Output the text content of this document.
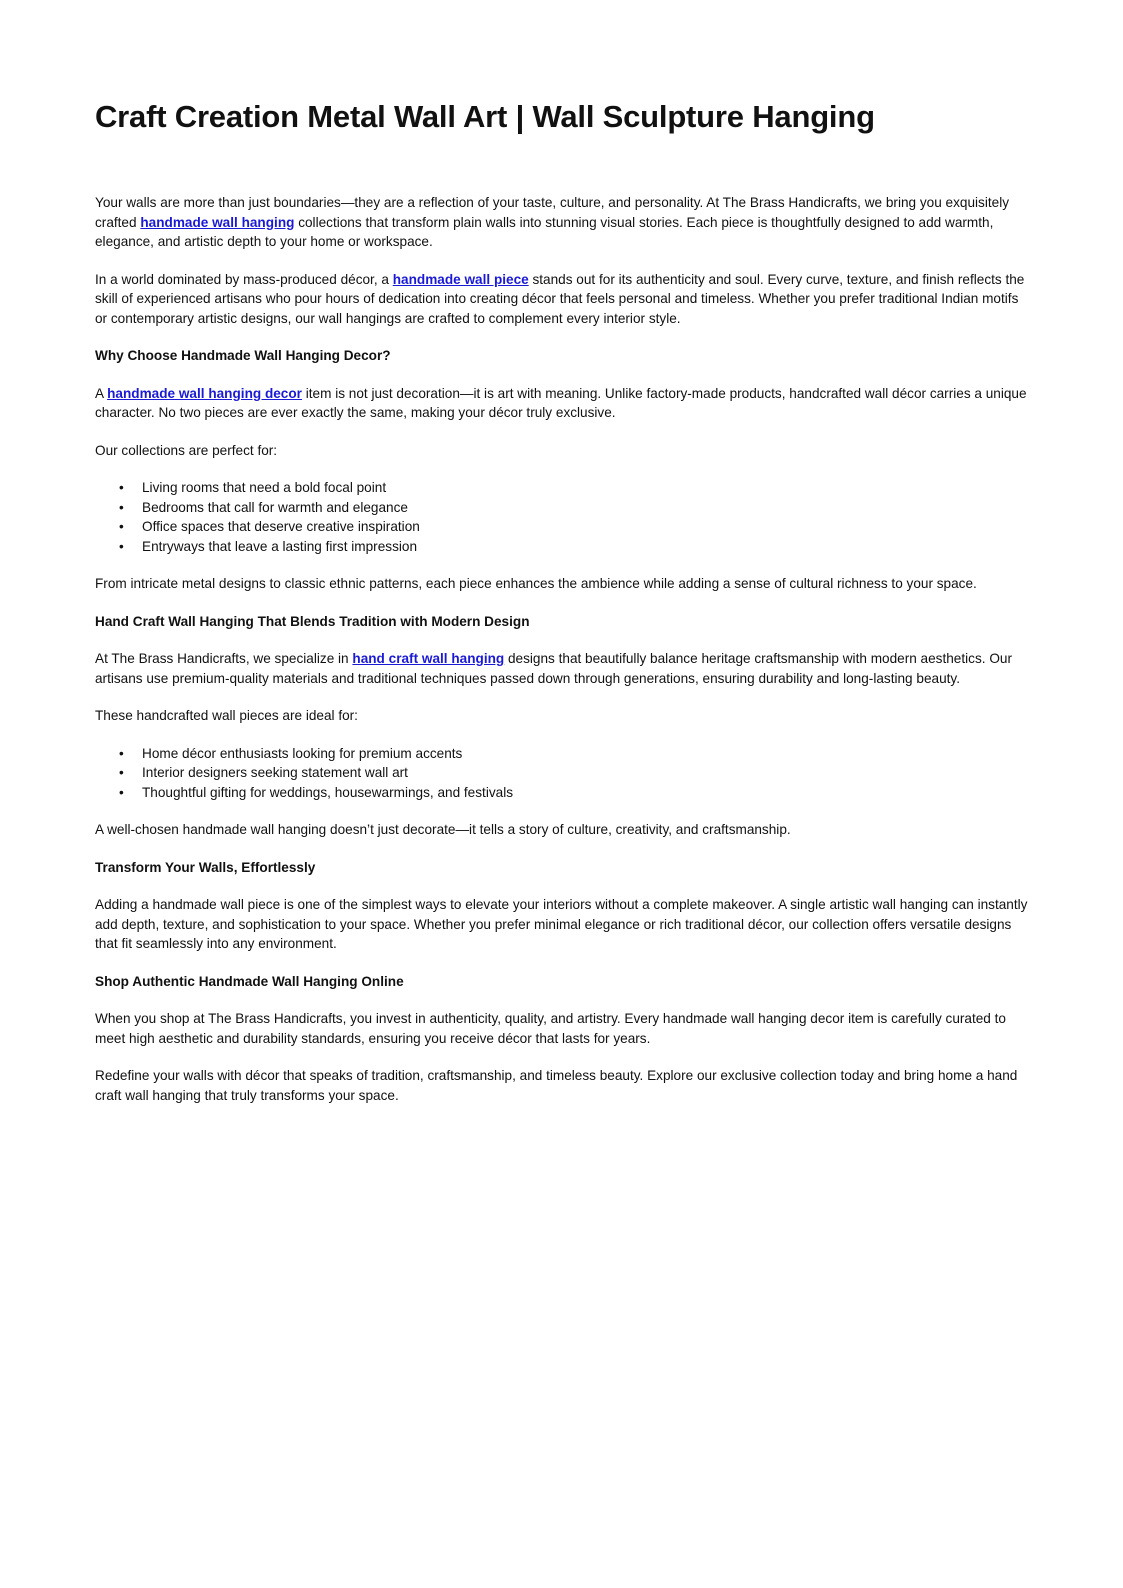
Craft Creation Metal Wall Art | Wall Sculpture Hanging

Your walls are more than just boundaries—they are a reflection of your taste, culture, and personality. At The Brass Handicrafts, we bring you exquisitely crafted handmade wall hanging collections that transform plain walls into stunning visual stories. Each piece is thoughtfully designed to add warmth, elegance, and artistic depth to your home or workspace.

In a world dominated by mass-produced décor, a handmade wall piece stands out for its authenticity and soul. Every curve, texture, and finish reflects the skill of experienced artisans who pour hours of dedication into creating décor that feels personal and timeless. Whether you prefer traditional Indian motifs or contemporary artistic designs, our wall hangings are crafted to complement every interior style.

Why Choose Handmade Wall Hanging Decor?

A handmade wall hanging decor item is not just decoration—it is art with meaning. Unlike factory-made products, handcrafted wall décor carries a unique character. No two pieces are ever exactly the same, making your décor truly exclusive.

Our collections are perfect for:

• Living rooms that need a bold focal point
• Bedrooms that call for warmth and elegance
• Office spaces that deserve creative inspiration
• Entryways that leave a lasting first impression

From intricate metal designs to classic ethnic patterns, each piece enhances the ambience while adding a sense of cultural richness to your space.

Hand Craft Wall Hanging That Blends Tradition with Modern Design

At The Brass Handicrafts, we specialize in hand craft wall hanging designs that beautifully balance heritage craftsmanship with modern aesthetics. Our artisans use premium-quality materials and traditional techniques passed down through generations, ensuring durability and long-lasting beauty.

These handcrafted wall pieces are ideal for:

• Home décor enthusiasts looking for premium accents
• Interior designers seeking statement wall art
• Thoughtful gifting for weddings, housewarmings, and festivals

A well-chosen handmade wall hanging doesn’t just decorate—it tells a story of culture, creativity, and craftsmanship.

Transform Your Walls, Effortlessly

Adding a handmade wall piece is one of the simplest ways to elevate your interiors without a complete makeover. A single artistic wall hanging can instantly add depth, texture, and sophistication to your space. Whether you prefer minimal elegance or rich traditional décor, our collection offers versatile designs that fit seamlessly into any environment.

Shop Authentic Handmade Wall Hanging Online

When you shop at The Brass Handicrafts, you invest in authenticity, quality, and artistry. Every handmade wall hanging decor item is carefully curated to meet high aesthetic and durability standards, ensuring you receive décor that lasts for years.

Redefine your walls with décor that speaks of tradition, craftsmanship, and timeless beauty. Explore our exclusive collection today and bring home a hand craft wall hanging that truly transforms your space.
